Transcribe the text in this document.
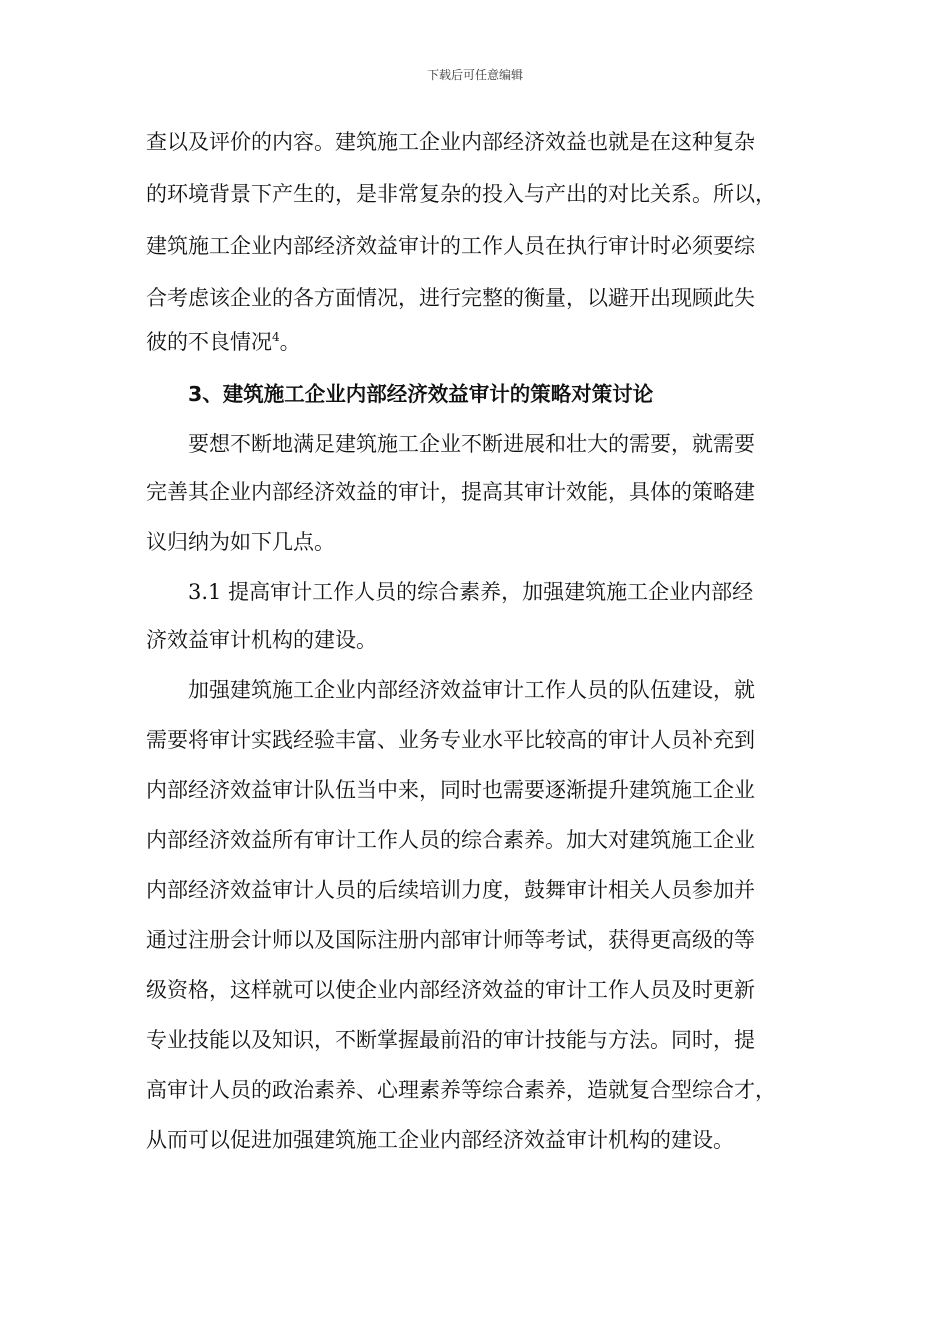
下载后可任意编辑
查以及评价的内容。建筑施工企业内部经济效益也就是在这种复杂
的环境背景下产生的，是非常复杂的投入与产出的对比关系。所以，
建筑施工企业内部经济效益审计的工作人员在执行审计时必须要综
合考虑该企业的各方面情况，进行完整的衡量，以避开出现顾此失
彼的不良情况$^4$。
3、建筑施工企业内部经济效益审计的策略对策讨论
要想不断地满足建筑施工企业不断进展和壮大的需要，就需要
完善其企业内部经济效益的审计，提高其审计效能，具体的策略建
议归纳为如下几点。
3.1 提高审计工作人员的综合素养，加强建筑施工企业内部经
济效益审计机构的建设。
加强建筑施工企业内部经济效益审计工作人员的队伍建设，就
需要将审计实践经验丰富、业务专业水平比较高的审计人员补充到
内部经济效益审计队伍当中来，同时也需要逐渐提升建筑施工企业
内部经济效益所有审计工作人员的综合素养。加大对建筑施工企业
内部经济效益审计人员的后续培训力度，鼓舞审计相关人员参加并
通过注册会计师以及国际注册内部审计师等考试，获得更高级的等
级资格，这样就可以使企业内部经济效益的审计工作人员及时更新
专业技能以及知识，不断掌握最前沿的审计技能与方法。同时，提
高审计人员的政治素养、心理素养等综合素养，造就复合型综合才，
从而可以促进加强建筑施工企业内部经济效益审计机构的建设。
